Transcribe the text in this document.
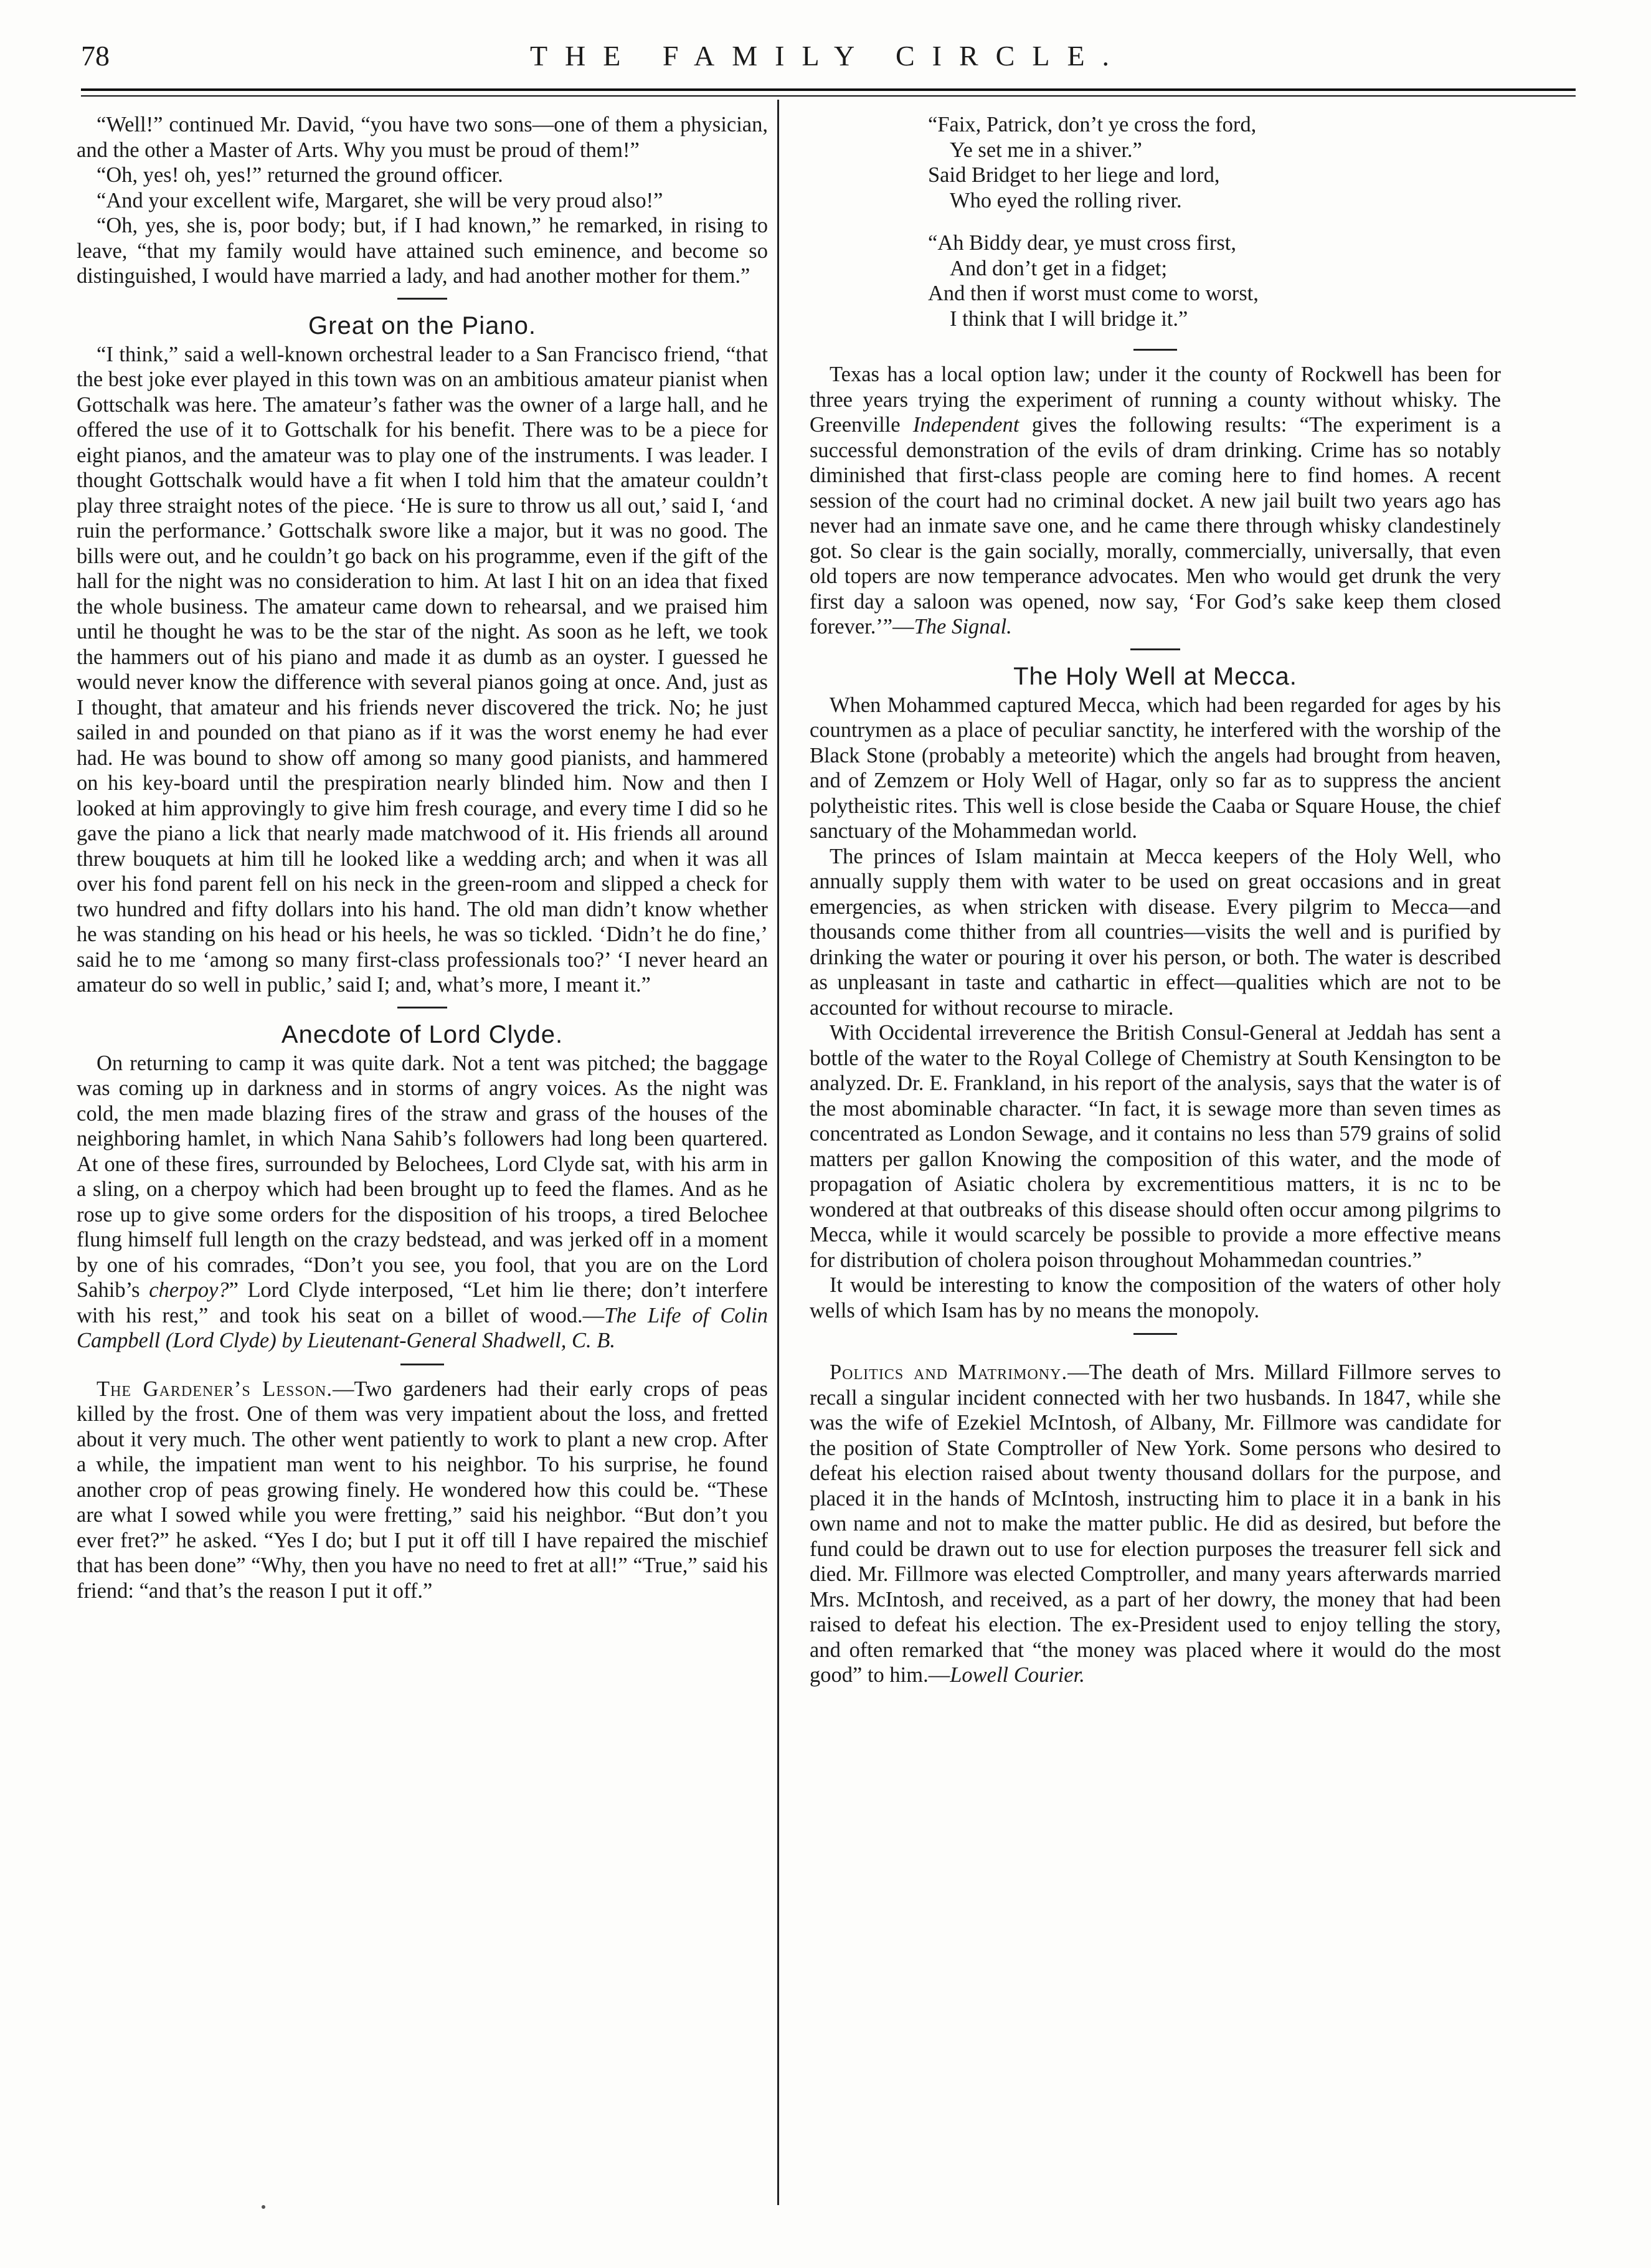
78	THE FAMILY CIRCLE.

“Well!” continued Mr. David, “you have two sons—one of them a physician, and the other a Master of Arts. Why you must be proud of them!”

“Oh, yes! oh, yes!” returned the ground officer.

“And your excellent wife, Margaret, she will be very proud also!”

“Oh, yes, she is, poor body; but, if I had known,” he remarked, in rising to leave, “that my family would have attained such eminence, and become so distinguished, I would have married a lady, and had another mother for them.”

Great on the Piano.

“I think,” said a well-known orchestral leader to a San Francisco friend, “that the best joke ever played in this town was on an ambitious amateur pianist when Gottschalk was here. The amateur’s father was the owner of a large hall, and he offered the use of it to Gottschalk for his benefit. There was to be a piece for eight pianos, and the amateur was to play one of the instruments. I was leader. I thought Gottschalk would have a fit when I told him that the amateur couldn’t play three straight notes of the piece. ‘He is sure to throw us all out,’ said I, ‘and ruin the performance.’ Gottschalk swore like a major, but it was no good. The bills were out, and he couldn’t go back on his programme, even if the gift of the hall for the night was no consideration to him. At last I hit on an idea that fixed the whole business. The amateur came down to rehearsal, and we praised him until he thought he was to be the star of the night. As soon as he left, we took the hammers out of his piano and made it as dumb as an oyster. I guessed he would never know the difference with several pianos going at once. And, just as I thought, that amateur and his friends never discovered the trick. No; he just sailed in and pounded on that piano as if it was the worst enemy he had ever had. He was bound to show off among so many good pianists, and hammered on his key-board until the prespiration nearly blinded him. Now and then I looked at him approvingly to give him fresh courage, and every time I did so he gave the piano a lick that nearly made matchwood of it. His friends all around threw bouquets at him till he looked like a wedding arch; and when it was all over his fond parent fell on his neck in the green-room and slipped a check for two hundred and fifty dollars into his hand. The old man didn’t know whether he was standing on his head or his heels, he was so tickled. ‘Didn’t he do fine,’ said he to me ‘among so many first-class professionals too?’ ‘I never heard an amateur do so well in public,’ said I; and, what’s more, I meant it.”

Anecdote of Lord Clyde.

On returning to camp it was quite dark. Not a tent was pitched; the baggage was coming up in darkness and in storms of angry voices. As the night was cold, the men made blazing fires of the straw and grass of the houses of the neighboring hamlet, in which Nana Sahib’s followers had long been quartered. At one of these fires, surrounded by Belochees, Lord Clyde sat, with his arm in a sling, on a cherpoy which had been brought up to feed the flames. And as he rose up to give some orders for the disposition of his troops, a tired Belochee flung himself full length on the crazy bedstead, and was jerked off in a moment by one of his comrades, “Don’t you see, you fool, that you are on the Lord Sahib’s cherpoy?” Lord Clyde interposed, “Let him lie there; don’t interfere with his rest,” and took his seat on a billet of wood.—The Life of Colin Campbell (Lord Clyde) by Lieutenant-General Shadwell, C. B.

The Gardener’s Lesson.—Two gardeners had their early crops of peas killed by the frost. One of them was very impatient about the loss, and fretted about it very much. The other went patiently to work to plant a new crop. After a while, the impatient man went to his neighbor. To his surprise, he found another crop of peas growing finely. He wondered how this could be. “These are what I sowed while you were fretting,” said his neighbor. “But don’t you ever fret?” he asked. “Yes I do; but I put it off till I have repaired the mischief that has been done” “Why, then you have no need to fret at all!” “True,” said his friend: “and that’s the reason I put it off.”

“Faix, Patrick, don’t ye cross the ford,
Ye set me in a shiver.”
Said Bridget to her liege and lord,
Who eyed the rolling river.
“Ah Biddy dear, ye must cross first,
And don’t get in a fidget;
And then if worst must come to worst,
I think that I will bridge it.”

Texas has a local option law; under it the county of Rockwell has been for three years trying the experiment of running a county without whisky. The Greenville Independent gives the following results: “The experiment is a successful demonstration of the evils of dram drinking. Crime has so notably diminished that first-class people are coming here to find homes. A recent session of the court had no criminal docket. A new jail built two years ago has never had an inmate save one, and he came there through whisky clandestinely got. So clear is the gain socially, morally, commercially, universally, that even old topers are now temperance advocates. Men who would get drunk the very first day a saloon was opened, now say, ‘For God’s sake keep them closed forever.’”—The Signal.

The Holy Well at Mecca.

When Mohammed captured Mecca, which had been regarded for ages by his countrymen as a place of peculiar sanctity, he interfered with the worship of the Black Stone (probably a meteorite) which the angels had brought from heaven, and of Zemzem or Holy Well of Hagar, only so far as to suppress the ancient polytheistic rites. This well is close beside the Caaba or Square House, the chief sanctuary of the Mohammedan world.

The princes of Islam maintain at Mecca keepers of the Holy Well, who annually supply them with water to be used on great occasions and in great emergencies, as when stricken with disease. Every pilgrim to Mecca—and thousands come thither from all countries—visits the well and is purified by drinking the water or pouring it over his person, or both. The water is described as unpleasant in taste and cathartic in effect—qualities which are not to be accounted for without recourse to miracle.

With Occidental irreverence the British Consul-General at Jeddah has sent a bottle of the water to the Royal College of Chemistry at South Kensington to be analyzed. Dr. E. Frankland, in his report of the analysis, says that the water is of the most abominable character. “In fact, it is sewage more than seven times as concentrated as London Sewage, and it contains no less than 579 grains of solid matters per gallon Knowing the composition of this water, and the mode of propagation of Asiatic cholera by excrementitious matters, it is nc to be wondered at that outbreaks of this disease should often occur among pilgrims to Mecca, while it would scarcely be possible to provide a more effective means for distribution of cholera poison throughout Mohammedan countries.”

It would be interesting to know the composition of the waters of other holy wells of which Isam has by no means the monopoly.

Politics and Matrimony.—The death of Mrs. Millard Fillmore serves to recall a singular incident connected with her two husbands. In 1847, while she was the wife of Ezekiel McIntosh, of Albany, Mr. Fillmore was candidate for the position of State Comptroller of New York. Some persons who desired to defeat his election raised about twenty thousand dollars for the purpose, and placed it in the hands of McIntosh, instructing him to place it in a bank in his own name and not to make the matter public. He did as desired, but before the fund could be drawn out to use for election purposes the treasurer fell sick and died. Mr. Fillmore was elected Comptroller, and many years afterwards married Mrs. McIntosh, and received, as a part of her dowry, the money that had been raised to defeat his election. The ex-President used to enjoy telling the story, and often remarked that “the money was placed where it would do the most good” to him.—Lowell Courier.
